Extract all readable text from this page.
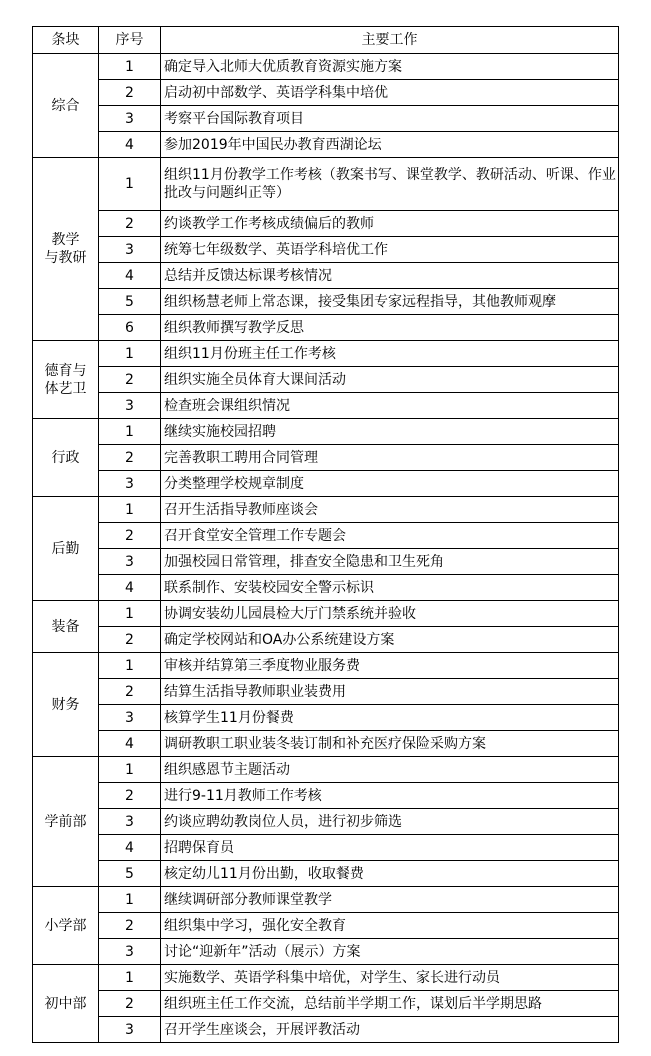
条块	序号	主要工作
综合	1	确定导入北师大优质教育资源实施方案
	2	启动初中部数学、英语学科集中培优
	3	考察平台国际教育项目
	4	参加2019年中国民办教育西湖论坛
教学
与教研	1	组织11月份教学工作考核（教案书写、课堂教学、教研活动、听课、作业批改与问题纠正等）
	2	约谈教学工作考核成绩偏后的教师
	3	统筹七年级数学、英语学科培优工作
	4	总结并反馈达标课考核情况
	5	组织杨慧老师上常态课，接受集团专家远程指导，其他教师观摩
	6	组织教师撰写教学反思
德育与
体艺卫	1	组织11月份班主任工作考核
	2	组织实施全员体育大课间活动
	3	检查班会课组织情况
行政	1	继续实施校园招聘
	2	完善教职工聘用合同管理
	3	分类整理学校规章制度
后勤	1	召开生活指导教师座谈会
	2	召开食堂安全管理工作专题会
	3	加强校园日常管理，排查安全隐患和卫生死角
	4	联系制作、安装校园安全警示标识
装备	1	协调安装幼儿园晨检大厅门禁系统并验收
	2	确定学校网站和OA办公系统建设方案
财务	1	审核并结算第三季度物业服务费
	2	结算生活指导教师职业装费用
	3	核算学生11月份餐费
	4	调研教职工职业装冬装订制和补充医疗保险采购方案
学前部	1	组织感恩节主题活动
	2	进行9-11月教师工作考核
	3	约谈应聘幼教岗位人员，进行初步筛选
	4	招聘保育员
	5	核定幼儿11月份出勤，收取餐费
小学部	1	继续调研部分教师课堂教学
	2	组织集中学习，强化安全教育
	3	讨论“迎新年”活动（展示）方案
初中部	1	实施数学、英语学科集中培优，对学生、家长进行动员
	2	组织班主任工作交流，总结前半学期工作，谋划后半学期思路
	3	召开学生座谈会，开展评教活动
